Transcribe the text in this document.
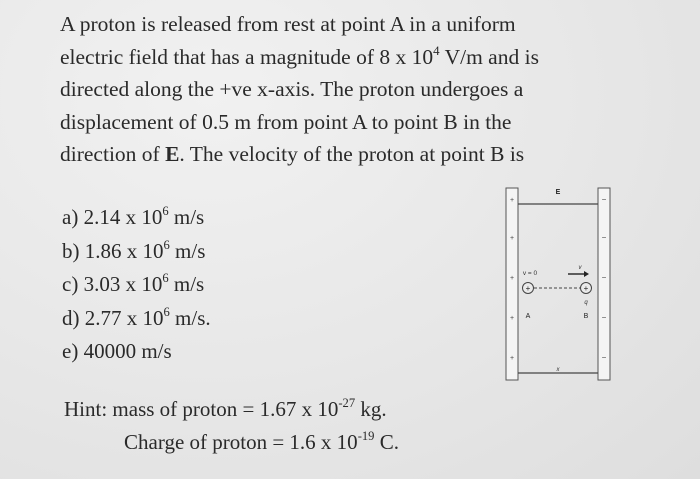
A proton is released from rest at point A in a uniform
electric field that has a magnitude of 8 x $10^4$ V/m and is
directed along the +ve x-axis. The proton undergoes a
displacement of 0.5 m from point A to point B in the
direction of E. The velocity of the proton at point B is
a) 2.14 x $10^6$ m/s
b) 1.86 x $10^6$ m/s
c) 3.03 x $10^6$ m/s
d) 2.77 x $10^6$ m/s.
e) 40000 m/s
Hint: mass of proton = 1.67 x $10^{-27}$ kg.
Charge of proton = 1.6 x $10^{-19}$ C.
+
+
+
+
+
−
−
−
−
−
E
v = 0
v
+	+
q
A	B
x
